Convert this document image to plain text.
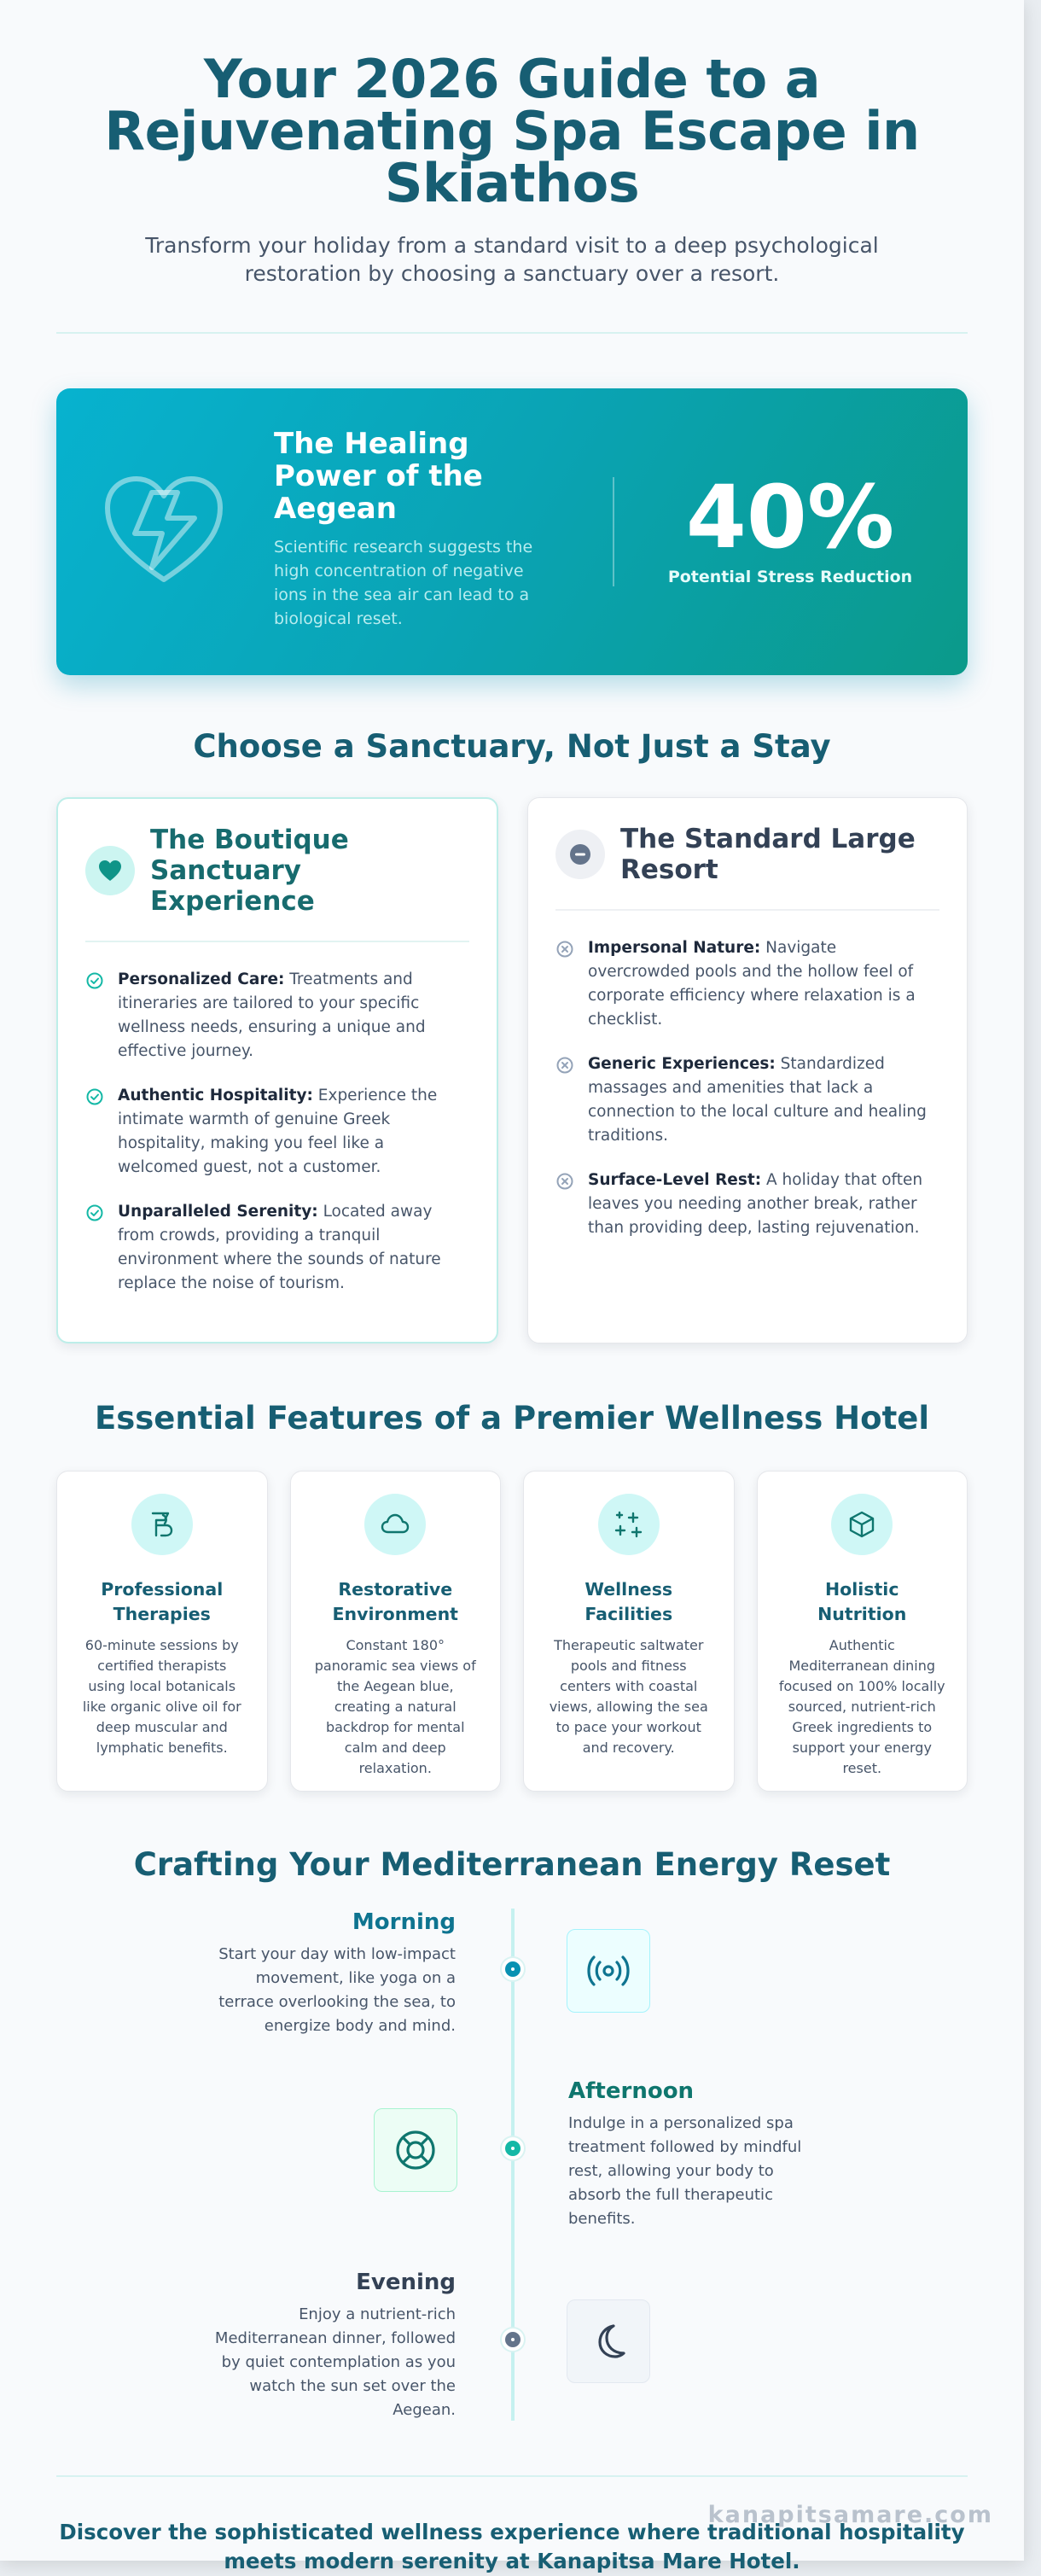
Your 2026 Guide to a Rejuvenating Spa Escape in Skiathos

Transform your holiday from a standard visit to a deep psychological restoration by choosing a sanctuary over a resort.

The Healing Power of the Aegean

Scientific research suggests the high concentration of negative ions in the sea air can lead to a biological reset.

40%
Potential Stress Reduction
Choose a Sanctuary, Not Just a Stay
The Boutique Sanctuary Experience
Personalized Care: Treatments and itineraries are tailored to your specific wellness needs, ensuring a unique and effective journey.
Authentic Hospitality: Experience the intimate warmth of genuine Greek hospitality, making you feel like a welcomed guest, not a customer.
Unparalleled Serenity: Located away from crowds, providing a tranquil environment where the sounds of nature replace the noise of tourism.
The Standard Large Resort
Impersonal Nature: Navigate overcrowded pools and the hollow feel of corporate efficiency where relaxation is a checklist.
Generic Experiences: Standardized massages and amenities that lack a connection to the local culture and healing traditions.
Surface-Level Rest: A holiday that often leaves you needing another break, rather than providing deep, lasting rejuvenation.
Essential Features of a Premier Wellness Hotel
Professional Therapies

60-minute sessions by certified therapists using local botanicals like organic olive oil for deep muscular and lymphatic benefits.

Restorative Environment

Constant 180° panoramic sea views of the Aegean blue, creating a natural backdrop for mental calm and deep relaxation.

Wellness Facilities

Therapeutic saltwater pools and fitness centers with coastal views, allowing the sea to pace your workout and recovery.

Holistic Nutrition

Authentic Mediterranean dining focused on 100% locally sourced, nutrient-rich Greek ingredients to support your energy reset.

Crafting Your Mediterranean Energy Reset
Morning

Start your day with low-impact movement, like yoga on a terrace overlooking the sea, to energize body and mind.

Afternoon

Indulge in a personalized spa treatment followed by mindful rest, allowing your body to absorb the full therapeutic benefits.

Evening

Enjoy a nutrient-rich Mediterranean dinner, followed by quiet contemplation as you watch the sun set over the Aegean.

Discover the sophisticated wellness experience where traditional hospitality meets modern serenity at Kanapitsa Mare Hotel.

kanapitsamare.com
